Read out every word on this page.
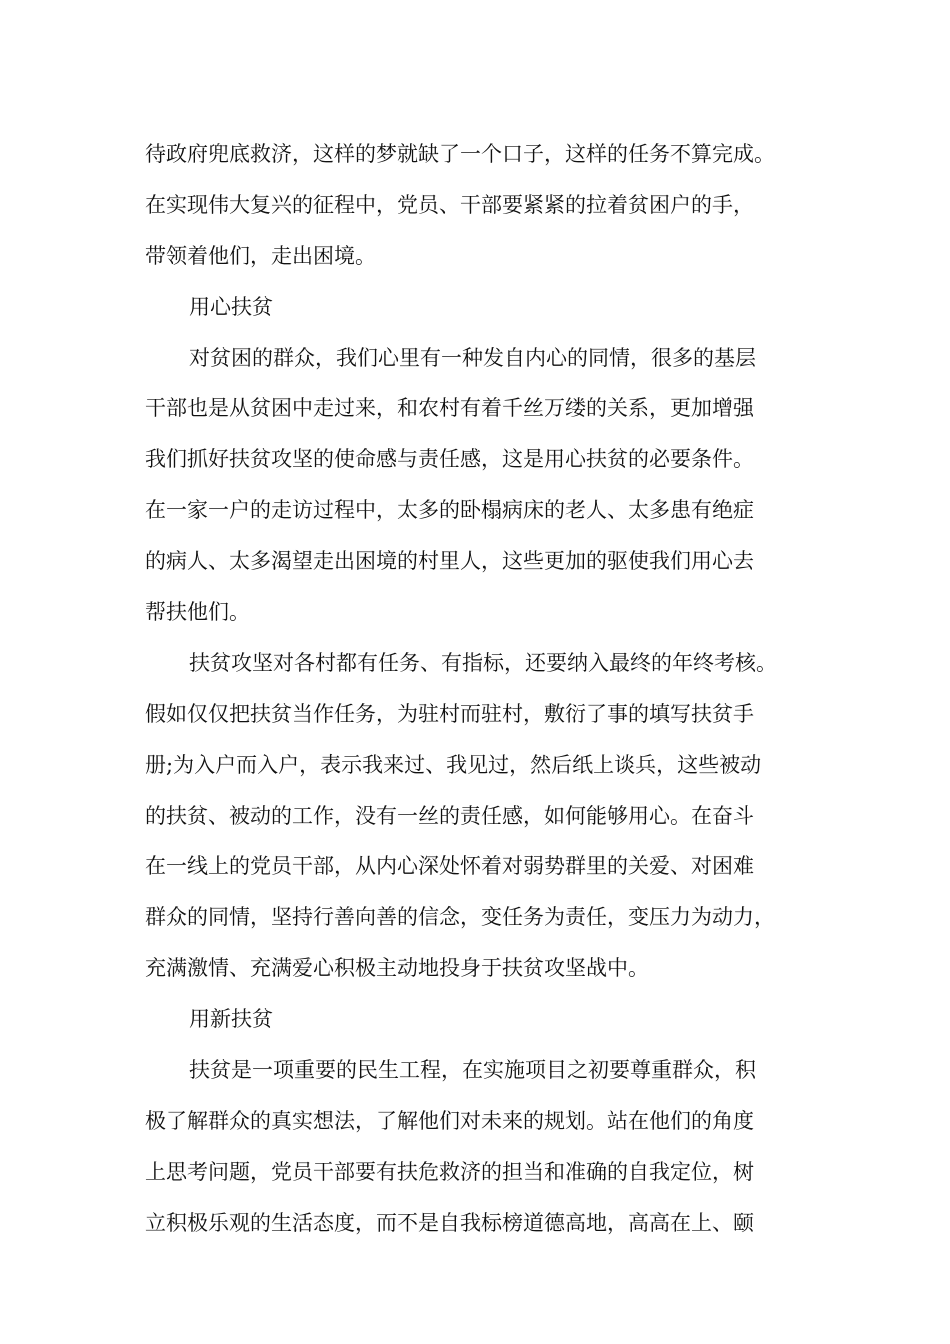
待政府兜底救济，这样的梦就缺了一个口子，这样的任务不算完成。
在实现伟大复兴的征程中，党员、干部要紧紧的拉着贫困户的手，
带领着他们，走出困境。
用心扶贫
对贫困的群众，我们心里有一种发自内心的同情，很多的基层
干部也是从贫困中走过来，和农村有着千丝万缕的关系，更加增强
我们抓好扶贫攻坚的使命感与责任感，这是用心扶贫的必要条件。
在一家一户的走访过程中，太多的卧榻病床的老人、太多患有绝症
的病人、太多渴望走出困境的村里人，这些更加的驱使我们用心去
帮扶他们。
扶贫攻坚对各村都有任务、有指标，还要纳入最终的年终考核。
假如仅仅把扶贫当作任务，为驻村而驻村，敷衍了事的填写扶贫手
册;为入户而入户，表示我来过、我见过，然后纸上谈兵，这些被动
的扶贫、被动的工作，没有一丝的责任感，如何能够用心。在奋斗
在一线上的党员干部，从内心深处怀着对弱势群里的关爱、对困难
群众的同情，坚持行善向善的信念，变任务为责任，变压力为动力，
充满激情、充满爱心积极主动地投身于扶贫攻坚战中。
用新扶贫
扶贫是一项重要的民生工程，在实施项目之初要尊重群众，积
极了解群众的真实想法，了解他们对未来的规划。站在他们的角度
上思考问题，党员干部要有扶危救济的担当和准确的自我定位，树
立积极乐观的生活态度，而不是自我标榜道德高地，高高在上、颐
